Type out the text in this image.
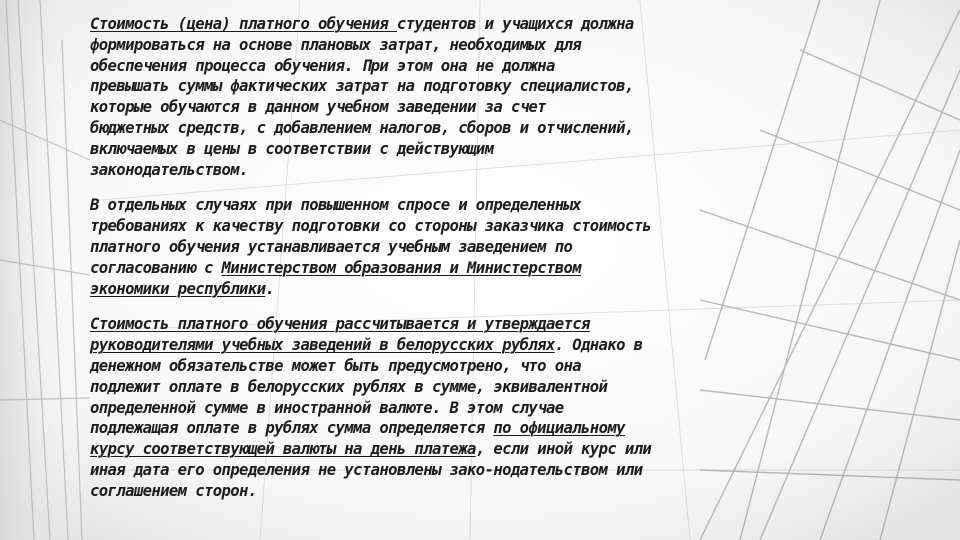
Стоимость (цена) платного обучения студентов и учащихся должна
формироваться на основе плановых затрат, необходимых для
обеспечения процесса обучения. При этом она не должна
превышать суммы фактических затрат на подготовку специалистов,
которые обучаются в данном учебном заведении за счет
бюджетных средств, с добавлением налогов, сборов и отчислений,
включаемых в цены в соответствии с действующим
законодательством.
В отдельных случаях при повышенном спросе и определенных
требованиях к качеству подготовки со стороны заказчика стоимость
платного обучения устанавливается учебным заведением по
согласованию с Министерством образования и Министерством
экономики республики.
Стоимость платного обучения рассчитывается и утверждается
руководителями учебных заведений в белорусских рублях. Однако в
денежном обязательстве может быть предусмотрено, что она
подлежит оплате в белорусских рублях в сумме, эквивалентной
определенной сумме в иностранной валюте. В этом случае
подлежащая оплате в рублях сумма определяется по официальному
курсу соответствующей валюты на день платежа, если иной курс или
иная дата его определения не установлены зако-нодательством или
соглашением сторон.
